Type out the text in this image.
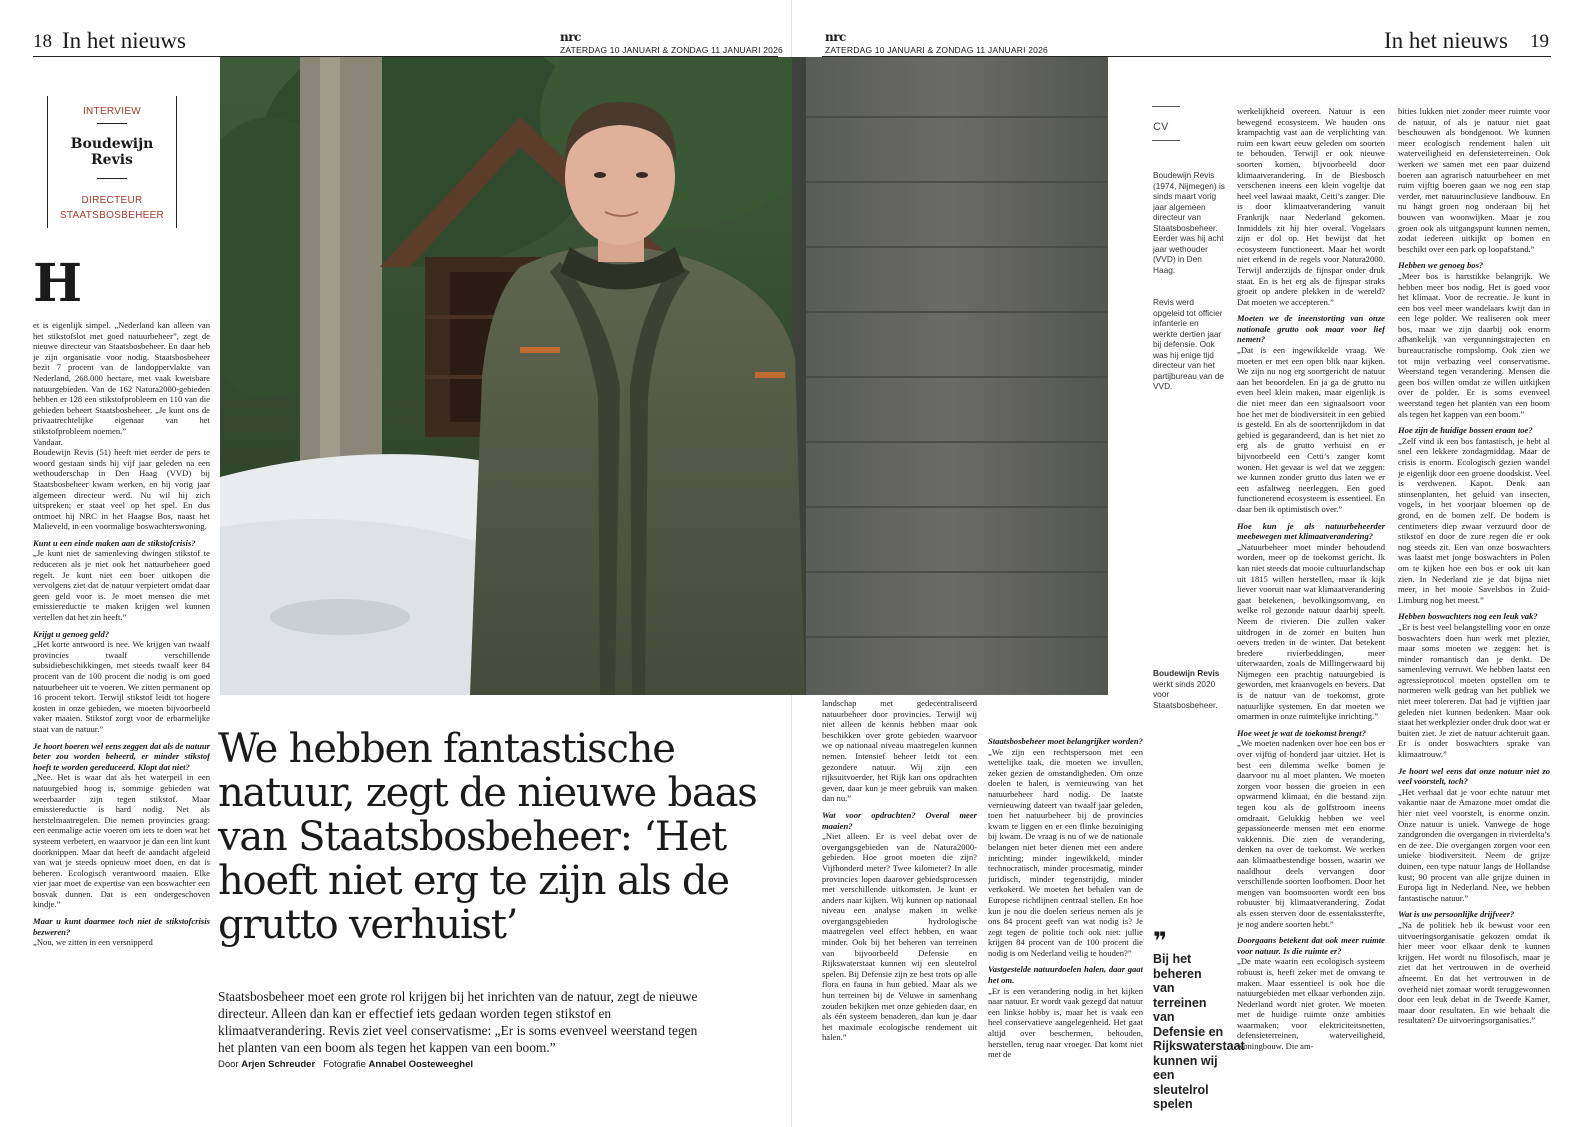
18 In het nieuws	nrc
ZATERDAG 10 JANUARI & ZONDAG 11 JANUARI 2026
nrc
ZATERDAG 10 JANUARI & ZONDAG 11 JANUARI 2026	In het nieuws 19
INTERVIEW
Boudewijn Revis
DIRECTEUR STAATSBOSBEHEER
H
CV
Boudewijn Revis (1974, Nijmegen) is sinds maart vorig jaar algemeen directeur van Staatsbosbeheer. Eerder was hij acht jaar wethouder (VVD) in Den Haag.
Revis werd opgeleid tot officier infanterie en werkte dertien jaar bij defensie. Ook was hij enige tijd directeur van het partijbureau van de VVD.
Boudewijn Revis
werkt sinds 2020 voor Staatsbosbeheer.
❞
Bij het beheren van terreinen van Defensie en Rijkswaterstaat kunnen wij een sleutelrol spelen
We hebben fantastische natuur, zegt de nieuwe baas van Staatsbosbeheer: ‘Het hoeft niet erg te zijn als de grutto verhuist’
Staatsbosbeheer moet een grote rol krijgen bij het inrichten van de natuur, zegt de nieuwe directeur. Alleen dan kan er effectief iets gedaan worden tegen stikstof en klimaatverandering. Revis ziet veel conservatisme: „Er is soms evenveel weerstand tegen het planten van een boom als tegen het kappen van een boom.”
Door Arjen Schreuder Fotografie Annabel Oosteweeghel

et is eigenlijk simpel. „Nederland kan alleen van het stikstofslot met goed natuurbeheer”, zegt de nieuwe directeur van Staatsbosbeheer. En daar heb je zijn organisatie voor nodig. Staatsbosbeheer bezit 7 procent van de landoppervlakte van Nederland, 268.000 hectare, met vaak kwetsbare natuurgebieden. Van de 162 Natura2000-gebieden hebben er 128 een stikstofprobleem en 110 van die gebieden beheert Staatsbosbeheer. „Je kunt ons de privaatrechtelijke eigenaar van het stikstofprobleem noemen.”

Vandaar.

Boudewijn Revis (51) heeft niet eerder de pers te woord gestaan sinds hij vijf jaar geleden na een wethouderschap in Den Haag (VVD) bij Staatsbosbeheer kwam werken, en hij vorig jaar algemeen directeur werd. Nu wil hij zich uitspreken; er staat veel op het spel. En dus ontmoet hij NRC in het Haagse Bos, naast het Malieveld, in een voormalige boswachterswoning.

Kunt u een einde maken aan de stikstofcrisis?

„Je kunt niet de samenleving dwingen stikstof te reduceren als je niet ook het natuurbeheer goed regelt. Je kunt niet een boer uitkopen die vervolgens ziet dat de natuur verpietert omdat daar geen geld voor is. Je moet mensen die met emissiereductie te maken krijgen wel kunnen vertellen dat het zin heeft.”

Krijgt u genoeg geld?

„Het korte antwoord is nee. We krijgen van twaalf provincies twaalf verschillende subsidiebeschikkingen, met steeds twaalf keer 84 procent van de 100 procent die nodig is om goed natuurbeheer uit te voeren. We zitten permanent op 16 procent tekort. Terwijl stikstof leidt tot hogere kosten in onze gebieden, we moeten bijvoorbeeld vaker maaien. Stikstof zorgt voor de erbarmelijke staat van de natuur.”

Je hoort boeren wel eens zeggen dat als de natuur beter zou worden beheerd, er minder stikstof hoeft te worden gereduceerd. Klopt dat niet?

„Nee. Het is waar dat als het waterpeil in een natuurgebied hoog is, sommige gebieden wat weerbaarder zijn tegen stikstof. Maar emissiereductie is hard nodig. Net als herstelmaatregelen. Die nemen provincies graag: een eenmalige actie voeren om iets te doen wat het systeem verbetert, en waarvoor je dan een lint kunt doorknippen. Maar dat heeft de aandacht afgeleid van wat je steeds opnieuw moet doen, en dat is beheren. Ecologisch verantwoord maaien. Elke vier jaar moet de expertise van een boswachter een bosvak dunnen. Dat is een ondergeschoven kindje.”

Maar u kunt daarmee toch niet de stikstofcrisis bezweren?

„Nou, we zitten in een versnipperd

landschap met gedecentraliseerd natuurbeheer door provincies. Terwijl wij niet alleen de kennis hebben maar ook beschikken over grote gebieden waarvoor we op nationaal niveau maatregelen kunnen nemen. Intensief beheer leidt tot een gezondere natuur. Wij zijn een rijksuitvoerder, het Rijk kan ons opdrachten geven, daar kun je meer gebruik van maken dan nu.”

Wat voor opdrachten? Overal meer maaien?

„Niet alleen. Er is veel debat over de overgangsgebieden van de Natura2000-gebieden. Hoe groot moeten die zijn? Vijfhonderd meter? Twee kilometer? In alle provincies lopen daarover gebiedsprocessen met verschillende uitkomsten. Je kunt er anders naar kijken. Wij kunnen op nationaal niveau een analyse maken in welke overgangsgebieden hydrologische maatregelen veel effect hebben, en waar minder. Ook bij het beheren van terreinen van bijvoorbeeld Defensie en Rijkswaterstaat kunnen wij een sleutelrol spelen. Bij Defensie zijn ze best trots op alle flora en fauna in hun gebied. Maar als we hun terreinen bij de Veluwe in samenhang zouden bekijken met onze gebieden daar, en als één systeem benaderen, dan kun je daar het maximale ecologische rendement uit halen.”

Staatsbosbeheer moet belangrijker worden?

„We zijn een rechtspersoon met een wettelijke taak, die moeten we invullen, zeker gezien de omstandigheden. Om onze doelen te halen, is vernieuwing van het natuurbeheer hard nodig. De laatste vernieuwing dateert van twaalf jaar geleden, toen het natuurbeheer bij de provincies kwam te liggen en er een flinke bezuiniging bij kwam. De vraag is nu of we de nationale belangen niet beter dienen met een andere inrichting; minder ingewikkeld, minder technocratisch, minder procesmatig, minder juridisch, minder tegenstrijdig, minder verkokerd. We moeten het behalen van de Europese richtlijnen centraal stellen. En hoe kun je nou die doelen serieus nemen als je ons 84 procent geeft van wat nodig is? Je zegt tegen de politie toch ook niet: jullie krijgen 84 procent van de 100 procent die nodig is om Nederland veilig te houden?”

Vastgestelde natuurdoelen halen, daar gaat het om.

„Er is een verandering nodig in het kijken naar natuur. Er wordt vaak gezegd dat natuur een linkse hobby is, maar het is vaak een heel conservatieve aangelegenheid. Het gaat altijd over beschermen, behouden, herstellen, terug naar vroeger. Dat komt niet met de

werkelijkheid overeen. Natuur is een bewegend ecosysteem. We houden ons krampachtig vast aan de verplichting van ruim een kwart eeuw geleden om soorten te behouden. Terwijl er ook nieuwe soorten komen, bijvoorbeeld door klimaatverandering. In de Biesbosch verschenen ineens een klein vogeltje dat heel veel lawaai maakt, Cetti’s zanger. Die is door klimaatverandering vanuit Frankrijk naar Nederland gekomen. Inmiddels zit hij hier overal. Vogelaars zijn er dol op. Het bewijst dat het ecosysteem functioneert. Maar het wordt niet erkend in de regels voor Natura2000. Terwijl anderzijds de fijnspar onder druk staat. En is het erg als de fijnspar straks groeit op andere plekken in de wereld? Dat moeten we accepteren.”

Moeten we de ineenstorting van onze nationale grutto ook maar voor lief nemen?

„Dat is een ingewikkelde vraag. We moeten er met een open blik naar kijken. We zijn nu nog erg soortgericht de natuur aan het beoordelen. En ja ga de grutto nu even heel klein maken, maar eigenlijk is die niet meer dan een signaalsoort voor hoe het met de biodiversiteit in een gebied is gesteld. En als de soortenrijkdom in dat gebied is gegarandeerd, dan is het niet zo erg als de grutto verhuist en er bijvoorbeeld een Cetti’s zanger komt wonen. Het gevaar is wel dat we zeggen: we kunnen zonder grutto dus laten we er een asfaltweg neerleggen. Een goed functionerend ecosysteem is essentieel. En daar ben ik optimistisch over.”

Hoe kun je als natuurbeheerder meebewegen met klimaatverandering?

„Natuurbeheer moet minder behoudend worden, meer op de toekomst gericht. Ik kan niet steeds dat mooie cultuurlandschap uit 1815 willen herstellen, maar ik kijk liever vooruit naar wat klimaatverandering gaat betekenen, bevolkingsomvang, en welke rol gezonde natuur daarbij speelt. Neem de rivieren. Die zullen vaker uitdrogen in de zomer en buiten hun oevers treden in de winter. Dat betekent bredere rivierbeddingen, meer uiterwaarden, zoals de Millingerwaard bij Nijmegen een prachtig natuurgebied is geworden, met kraanvogels en bevers. Dat is de natuur van de toekomst, grote natuurlijke systemen. En dat moeten we omarmen in onze ruimtelijke inrichting.”

Hoe weet je wat de toekomst brengt?

„We moeten nadenken over hoe een bos er over vijftig of honderd jaar uitziet. Het is best een dilemma welke bomen je daarvoor nu al moet planten. We moeten zorgen voor bossen die groeien in een opwarmend klimaat, én die bestand zijn tegen kou als de golfstroom ineens omdraait. Gelukkig hebben we veel gepassioneerde mensen met een enorme vakkennis. Die zien de verandering, denken na over de toekomst. We werken aan klimaatbestendige bossen, waarin we naaldhout deels vervangen door verschillende soorten loofbomen. Door het mengen van boomsoorten wordt een bos robuuster bij klimaatverandering. Zodat als essen sterven door de essentakssterfte, je nog andere soorten hebt.”

Doorgaans betekent dat ook meer ruimte voor natuur. Is die ruimte er?

„De mate waarin een ecologisch systeem robuust is, heeft zeker met de omvang te maken. Maar essentieel is ook hoe die natuurgebieden met elkaar verbonden zijn. Nederland wordt niet groter. We moeten met de huidige ruimte onze ambities waarmaken; voor elektriciteitsnetten, defensieterreinen, waterveiligheid, woningbouw. Die am-

bities lukken niet zonder meer ruimte voor de natuur, of als je natuur niet gaat beschouwen als bondgenoot. We kunnen meer ecologisch rendement halen uit waterveiligheid en defensieterreinen. Ook werken we samen met een paar duizend boeren aan agrarisch natuurbeheer en met ruim vijftig boeren gaan we nog een stap verder, met natuurinclusieve landbouw. En nu hangt groen nog onderaan bij het bouwen van woonwijken. Maar je zou groen ook als uitgangspunt kunnen nemen, zodat iedereen uitkijkt op bomen en beschikt over een park op loopafstand.”

Hebben we genoeg bos?

„Meer bos is hartstikke belangrijk. We hebben meer bos nodig. Het is goed voor het klimaat. Voor de recreatie. Je kunt in een bos veel meer wandelaars kwijt dan in een lege polder. We realiseren ook meer bos, maar we zijn daarbij ook enorm afhankelijk van vergunningstrajecten en bureaucratische rompslomp. Ook zien we tot mijn verbazing veel conservatisme. Weerstand tegen verandering. Mensen die geen bos willen omdat ze willen uitkijken over de polder. Er is soms evenveel weerstand tegen het planten van een boom als tegen het kappen van een boom.”

Hoe zijn de huidige bossen eraan toe?

„Zelf vind ik een bos fantastisch, je hebt al snel een lekkere zondagmiddag. Maar de crisis is enorm. Ecologisch gezien wandel je eigenlijk door een groene doodskist. Veel is verdwenen. Kapot. Denk aan stinsenplanten, het geluid van insecten, vogels, in het voorjaar bloemen op de grond, en de bomen zelf. De bodem is centimeters diep zwaar verzuurd door de stikstof en door de zure regen die er ook nog steeds zit. Een van onze boswachters was laatst met jonge boswachters in Polen om te kijken hoe een bos er ook uit kan zien. In Nederland zie je dat bijna niet meer, in het mooie Savelsbos in Zuid-Limburg nog het meest.”

Hebben boswachters nog een leuk vak?

„Er is best veel belangstelling voor en onze boswachters doen hun werk met plezier, maar soms moeten we zeggen: het is minder romantisch dan je denkt. De samenleving verruwt. We hebben laatst een agressieprotocol moeten opstellen om te normeren welk gedrag van het publiek we niet meer tolereren. Dat had je vijftien jaar geleden niet kunnen bedenken. Maar ook staat het werkplezier onder druk door wat er buiten ziet. Je ziet de natuur achteruit gaan. Er is onder boswachters sprake van klimaatrouw.”

Je hoort wel eens dat onze natuur niet zo veel voorstelt, toch?

„Het verhaal dat je voor echte natuur met vakantie naar de Amazone moet omdat die hier niet veel voorstelt, is enorme onzin. Onze natuur is uniek. Vanwege de hoge zandgronden die overgangen in rivierdelta’s en de zee. Die overgangen zorgen voor een unieke biodiversiteit. Neem de grijze duinen, een type natuur langs de Hollandse kust; 90 procent van alle grijze duinen in Europa ligt in Nederland. Nee, we hebben fantastische natuur.”

Wat is uw persoonlijke drijfveer?

„Na de politiek heb ik bewust voor een uitvoeringsorganisatie gekozen omdat ik hier meer voor elkaar denk te kunnen krijgen. Het wordt nu filosofisch, maar je ziet dat het vertrouwen in de overheid afneemt. En dat het vertrouwen in de overheid niet zomaar wordt teruggewonnen door een leuk debat in de Tweede Kamer, maar door resultaten. En wie behaalt die resultaten? De uitvoeringsorganisaties.”
